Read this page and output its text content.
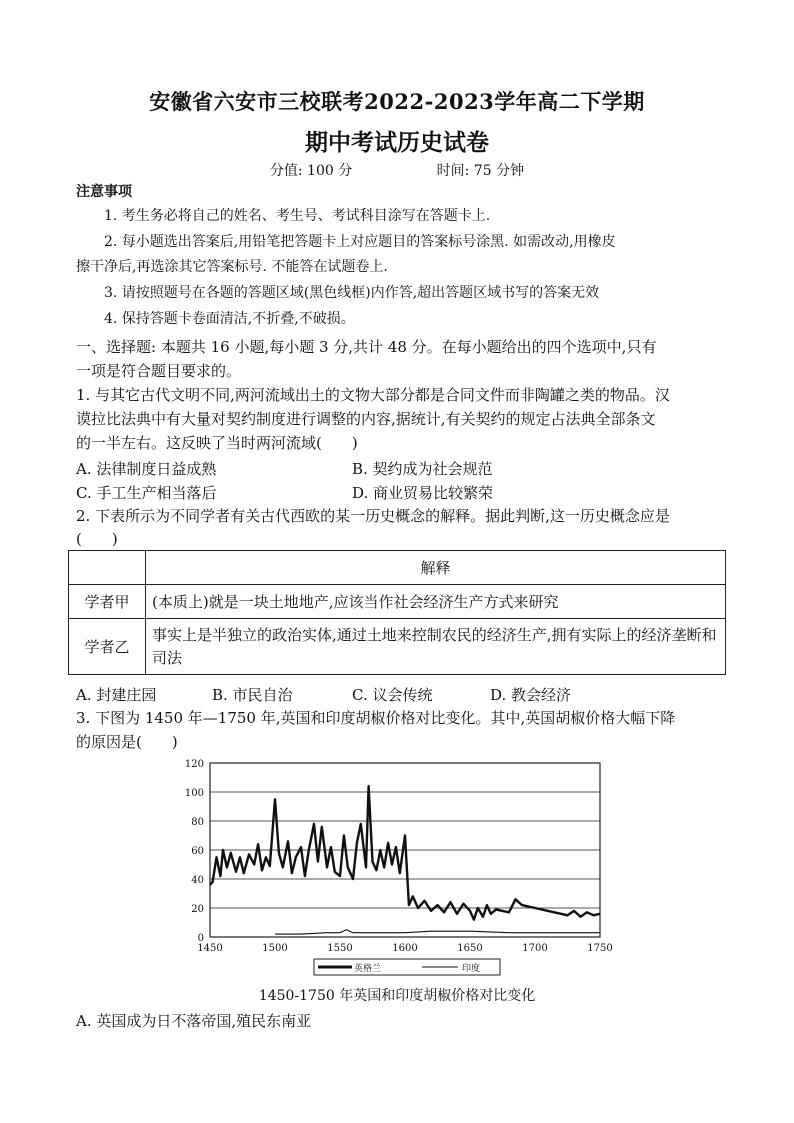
安徽省六安市三校联考2022-2023学年高二下学期
期中考试历史试卷
分值: 100 分	时间: 75 分钟
注意事项
1. 考生务必将自己的姓名、考生号、考试科目涂写在答题卡上.
2. 每小题选出答案后,用铅笔把答题卡上对应题目的答案标号涂黑. 如需改动,用橡皮
擦干净后,再选涂其它答案标号. 不能答在试题卷上.
3. 请按照题号在各题的答题区域(黑色线框)内作答,超出答题区域书写的答案无效
4. 保持答题卡卷面清洁,不折叠,不破损。
一、选择题: 本题共 16 小题,每小题 3 分,共计 48 分。在每小题给出的四个选项中,只有
一项是符合题目要求的。
1. 与其它古代文明不同,两河流域出土的文物大部分都是合同文件而非陶罐之类的物品。汉
谟拉比法典中有大量对契约制度进行调整的内容,据统计,有关契约的规定占法典全部条文
的一半左右。这反映了当时两河流域(　　)
A. 法律制度日益成熟	B. 契约成为社会规范
C. 手工生产相当落后	D. 商业贸易比较繁荣
2. 下表所示为不同学者有关古代西欧的某一历史概念的解释。据此判断,这一历史概念应是
(　　)
	解释
学者甲	(本质上)就是一块土地地产,应该当作社会经济生产方式来研究
学者乙	事实上是半独立的政治实体,通过土地来控制农民的经济生产,拥有实际上的经济垄断和司法
A. 封建庄园	B. 市民自治	C. 议会传统	D. 教会经济
3. 下图为 1450 年—1750 年,英国和印度胡椒价格对比变化。其中,英国胡椒价格大幅下降
的原因是(　　)
0
20
40
60
80
100
120
1450	1500	1550	1600	1650	1700	1750
英格兰	印度
1450-1750 年英国和印度胡椒价格对比变化
A. 英国成为日不落帝国,殖民东南亚
